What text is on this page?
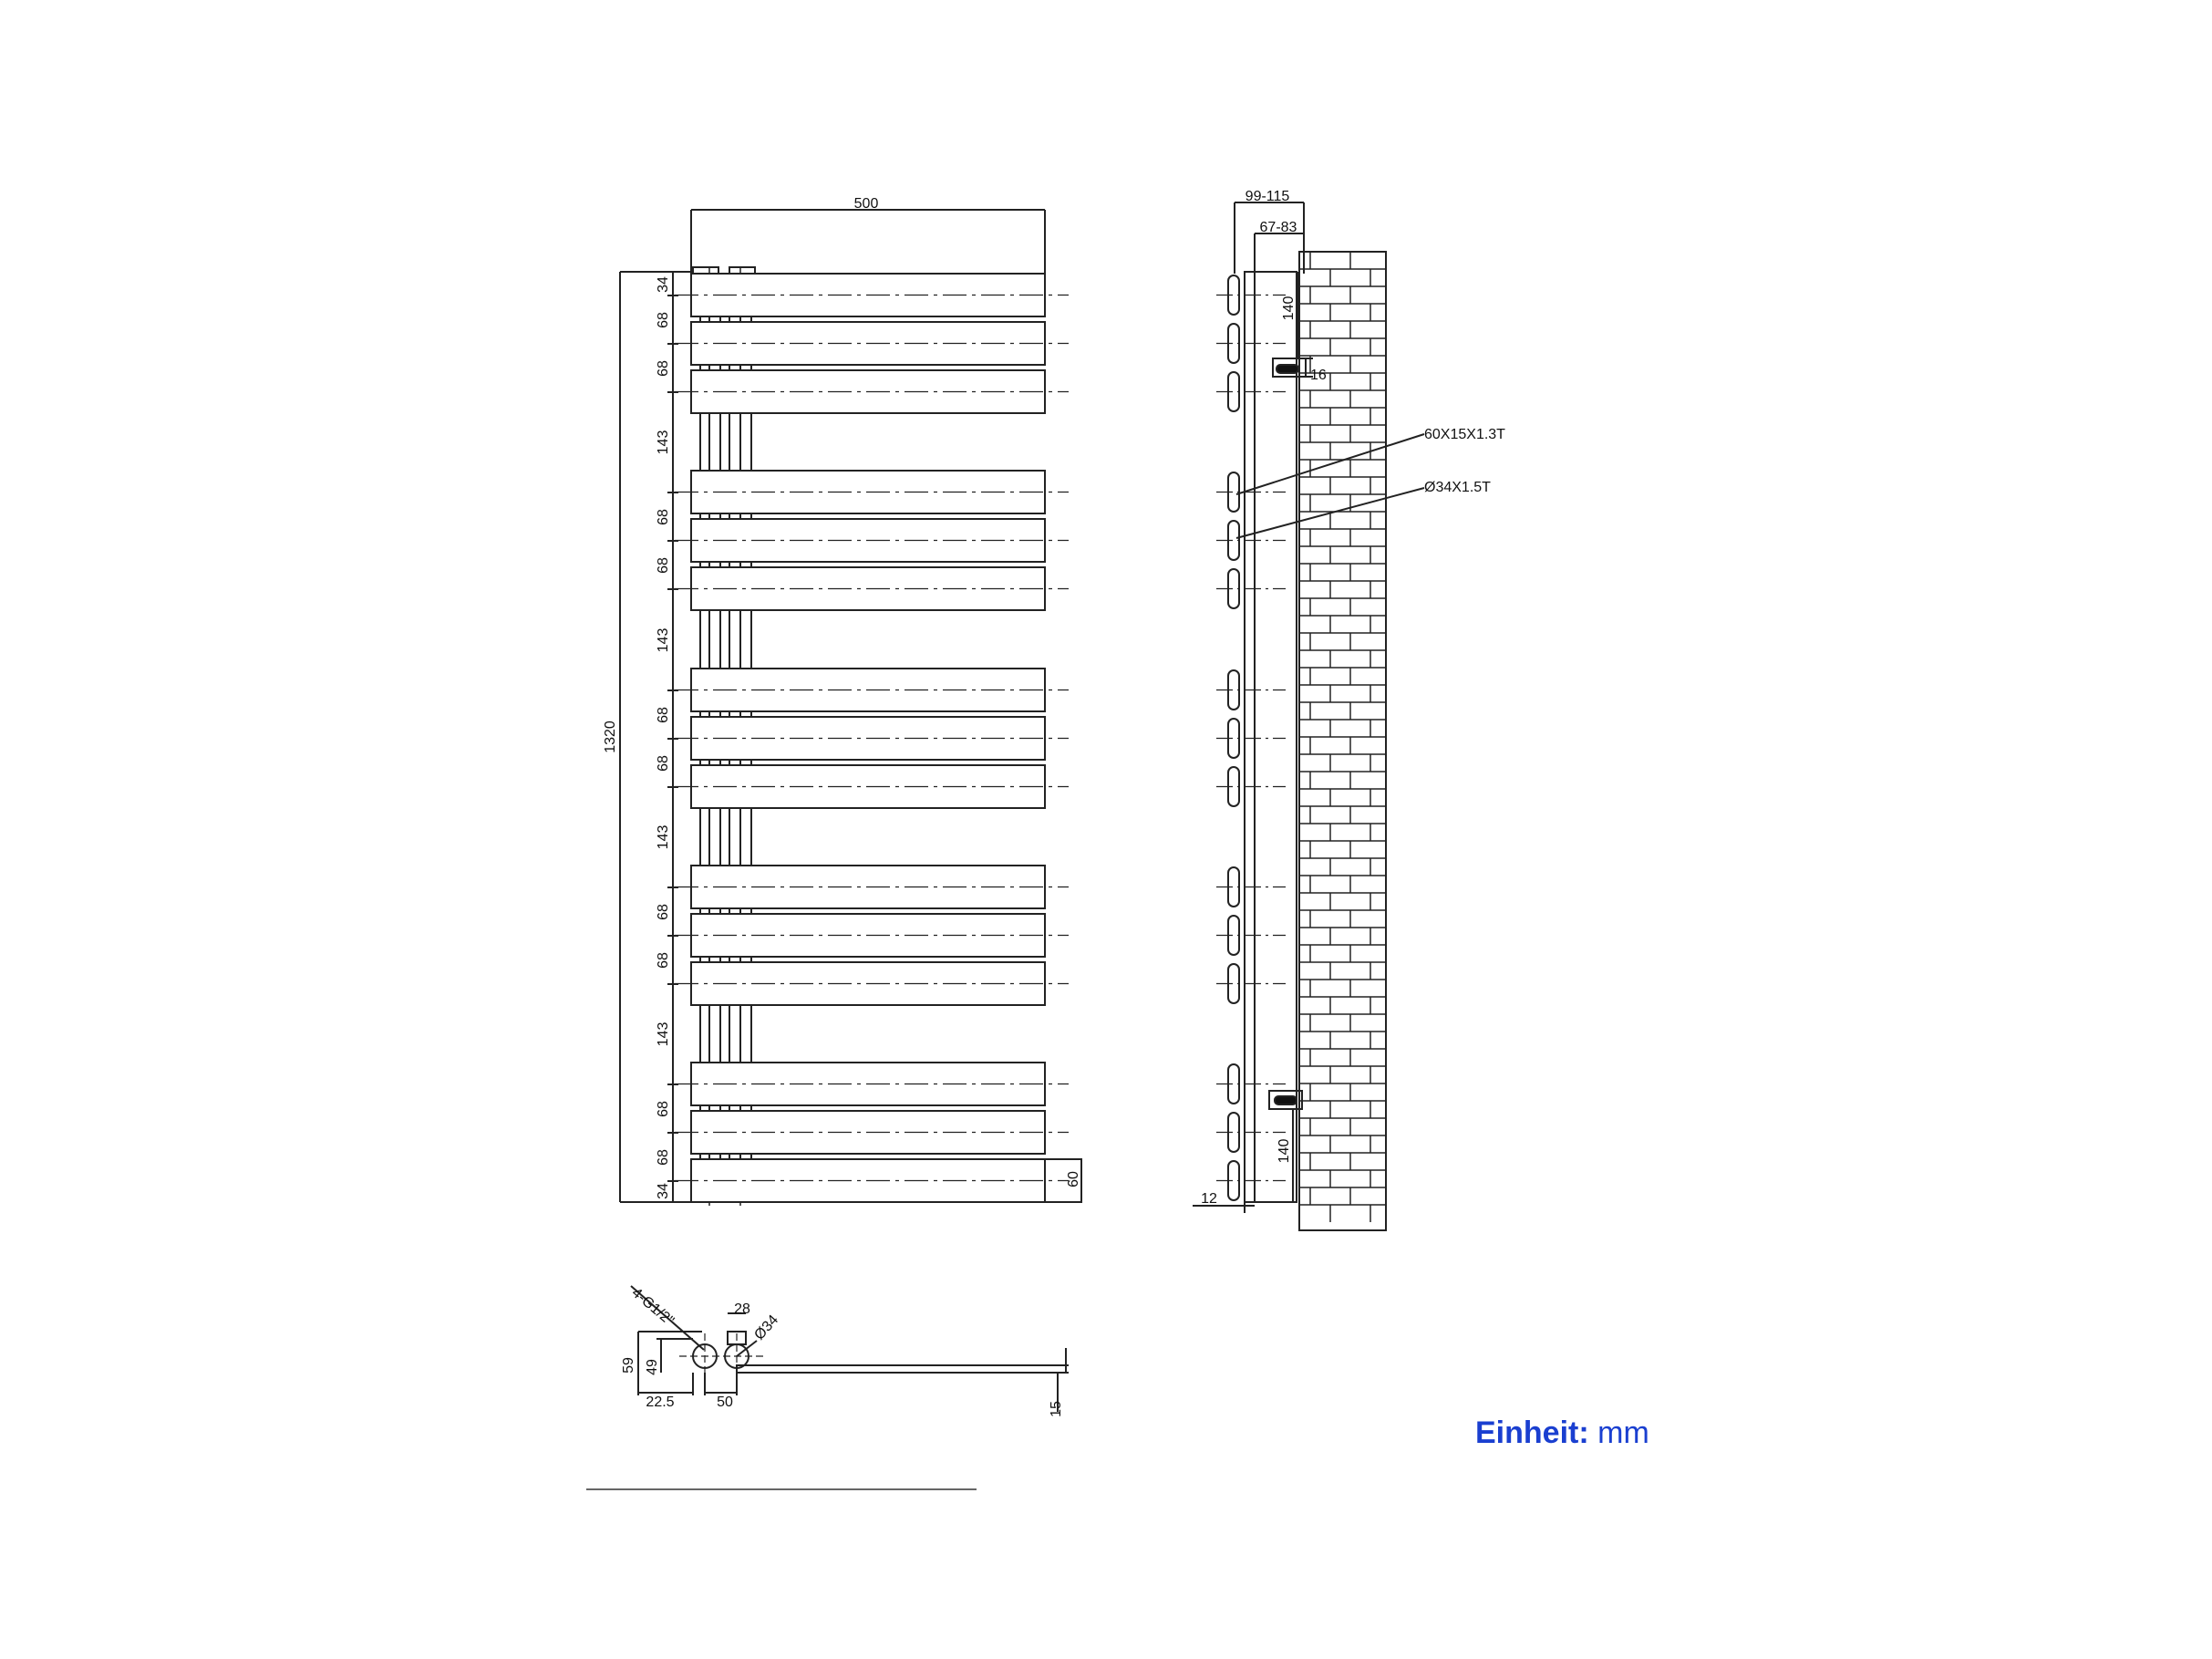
500
1320
60
34
68
68
143
68
68
143
68
68
143
68
68
143
68
68
34
99-115
67-83
140
16
60X15X1.3T
Ø34X1.5T
140
12
4-G1/2"	28
Ø34
59 49
22.5	50	15
Einheit: mm
